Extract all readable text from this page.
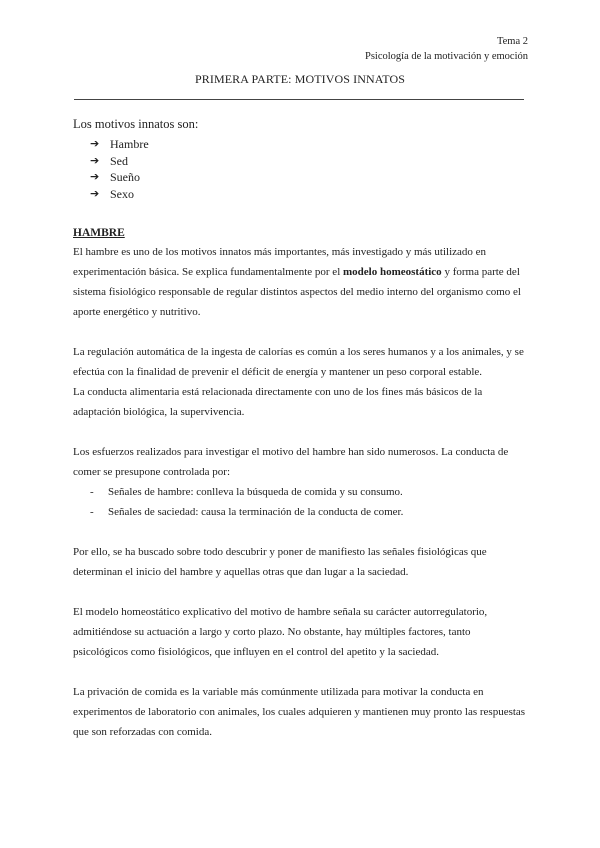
Tema 2
Psicología de la motivación y emoción
PRIMERA PARTE: MOTIVOS INNATOS
Los motivos innatos son:
➔ Hambre
➔ Sed
➔ Sueño
➔ Sexo
HAMBRE

El hambre es uno de los motivos innatos más importantes, más investigado y más utilizado en experimentación básica. Se explica fundamentalmente por el modelo homeostático y forma parte del sistema fisiológico responsable de regular distintos aspectos del medio interno del organismo como el aporte energético y nutritivo.

La regulación automática de la ingesta de calorías es común a los seres humanos y a los animales, y se efectúa con la finalidad de prevenir el déficit de energía y mantener un peso corporal estable.

La conducta alimentaria está relacionada directamente con uno de los fines más básicos de la adaptación biológica, la supervivencia.

Los esfuerzos realizados para investigar el motivo del hambre han sido numerosos. La conducta de comer se presupone controlada por:

-	Señales de hambre: conlleva la búsqueda de comida y su consumo.
-	Señales de saciedad: causa la terminación de la conducta de comer.

Por ello, se ha buscado sobre todo descubrir y poner de manifiesto las señales fisiológicas que determinan el inicio del hambre y aquellas otras que dan lugar a la saciedad.

El modelo homeostático explicativo del motivo de hambre señala su carácter autorregulatorio, admitiéndose su actuación a largo y corto plazo. No obstante, hay múltiples factores, tanto psicológicos como fisiológicos, que influyen en el control del apetito y la saciedad.

La privación de comida es la variable más comúnmente utilizada para motivar la conducta en experimentos de laboratorio con animales, los cuales adquieren y mantienen muy pronto las respuestas que son reforzadas con comida.
